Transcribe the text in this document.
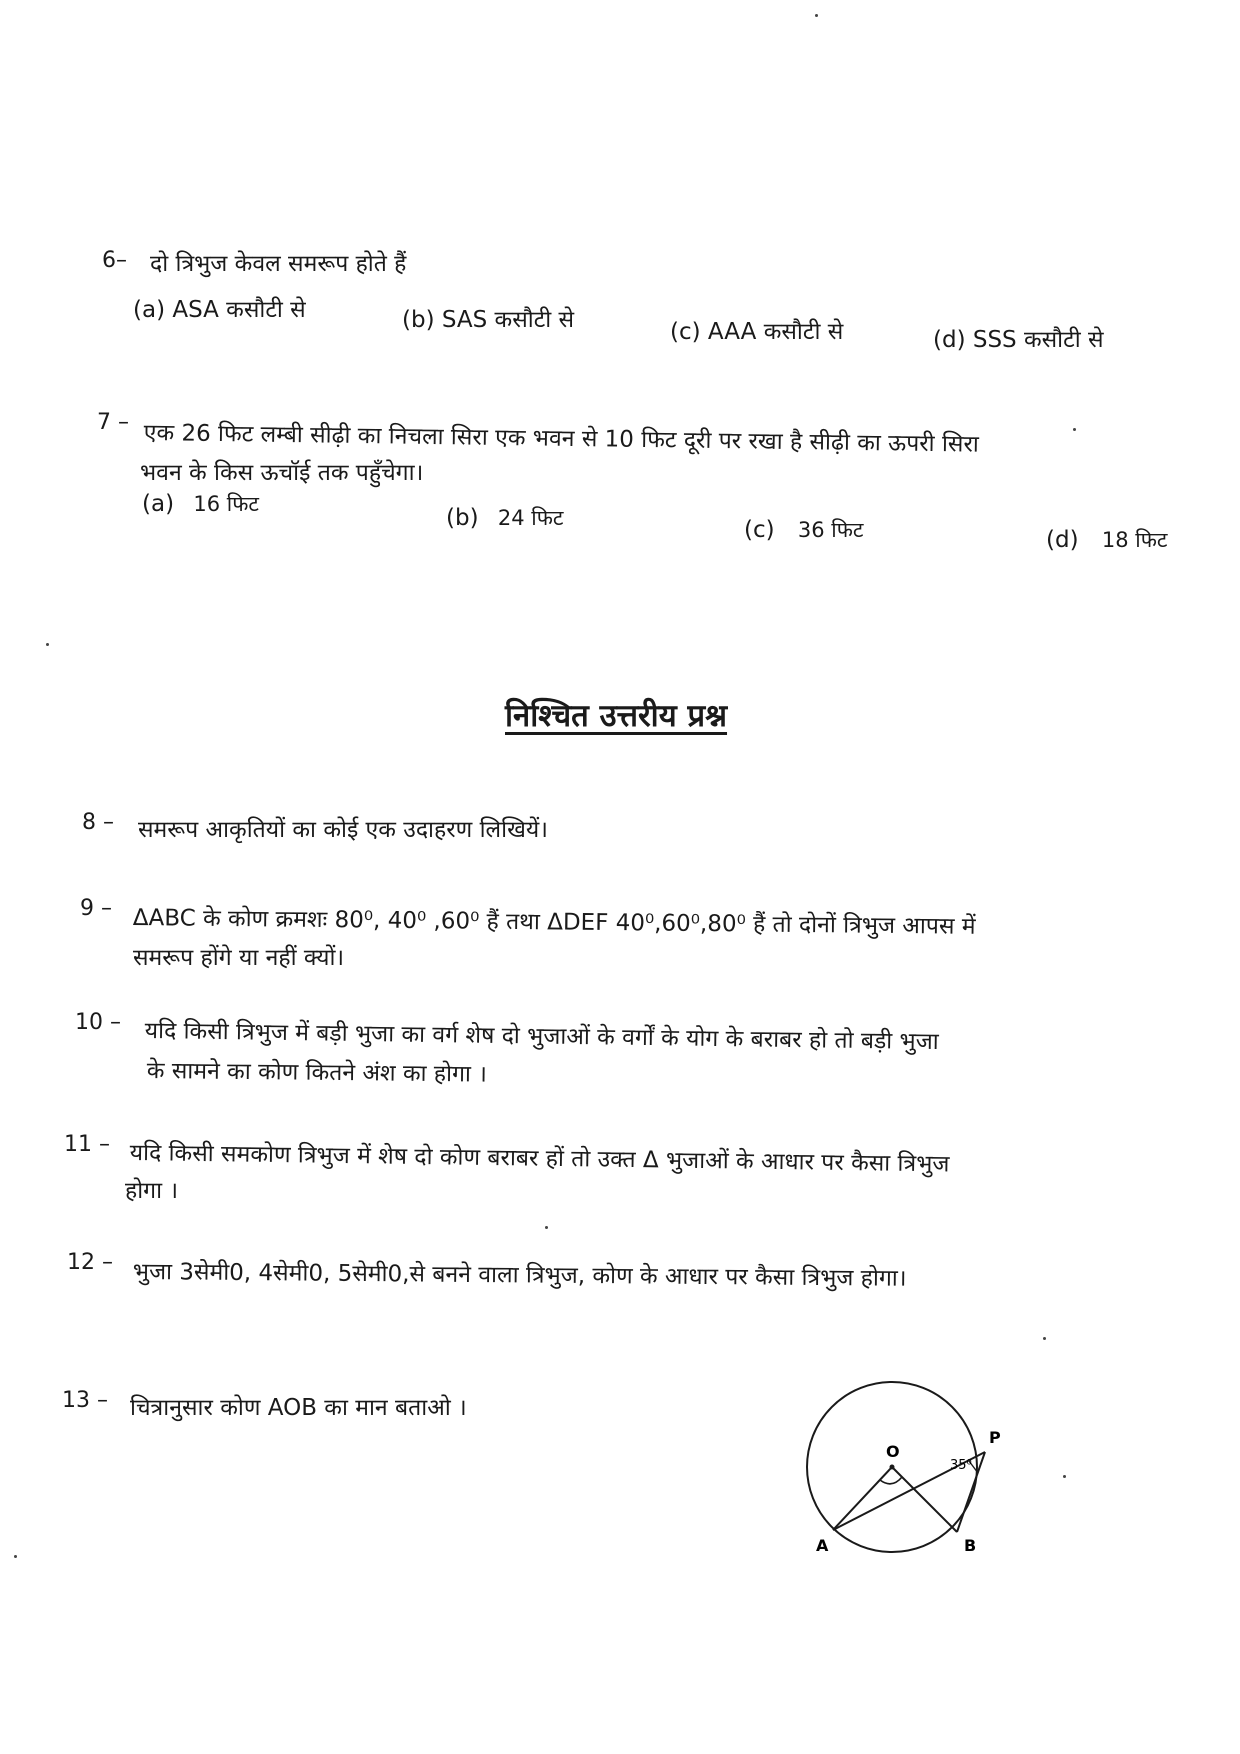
6– दो त्रिभुज केवल समरूप होते हैं
(a) ASA कसौटी से	(b) SAS कसौटी से	(c) AAA कसौटी से	(d) SSS कसौटी से
7 – एक 26 फिट लम्बी सीढ़ी का निचला सिरा एक भवन से 10 फिट दूरी पर रखा है सीढ़ी का ऊपरी सिरा
भवन के किस ऊचॉई तक पहुँचेगा।
(a) 16 फिट
(b) 24 फिट	(c) 36 फिट	(d) 18 फिट
निश्चित उत्तरीय प्रश्न
8 – समरूप आकृतियों का कोई एक उदाहरण लिखियें।
9 – ΔABC के कोण क्रमशः 80⁰, 40⁰ ,60⁰ हैं तथा ΔDEF 40⁰,60⁰,80⁰ हैं तो दोनों त्रिभुज आपस में
समरूप होंगे या नहीं क्यों।
10 – यदि किसी त्रिभुज में बड़ी भुजा का वर्ग शेष दो भुजाओं के वर्गों के योग के बराबर हो तो बड़ी भुजा
के सामने का कोण कितने अंश का होगा ।
11 – यदि किसी समकोण त्रिभुज में शेष दो कोण बराबर हों तो उक्त Δ भुजाओं के आधार पर कैसा त्रिभुज
होगा ।
12 – भुजा 3सेमी0, 4सेमी0, 5सेमी0,से बनने वाला त्रिभुज, कोण के आधार पर कैसा त्रिभुज होगा।
13 – चित्रानुसार कोण AOB का मान बताओ ।
O
P
A	B
35⁰
